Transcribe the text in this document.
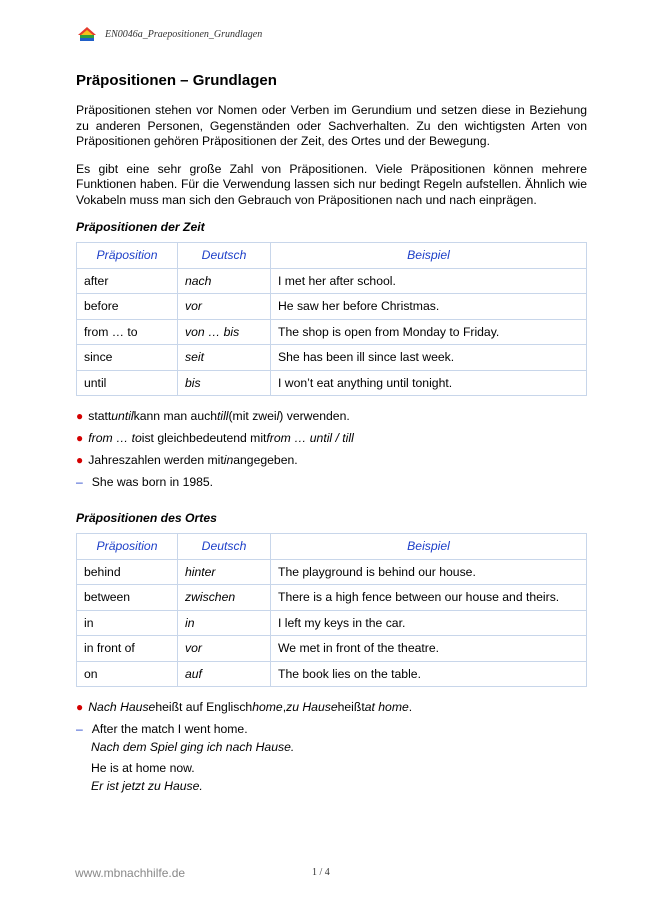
EN0046a_Praepositionen_Grundlagen
Präpositionen – Grundlagen

Präpositionen stehen vor Nomen oder Verben im Gerundium und setzen diese in Beziehung zu anderen Personen, Gegenständen oder Sachverhalten. Zu den wichtigsten Arten von Präpositionen gehören Präpositionen der Zeit, des Ortes und der Bewegung.

Es gibt eine sehr große Zahl von Präpositionen. Viele Präpositionen können mehrere Funktionen haben. Für die Verwendung lassen sich nur bedingt Regeln aufstellen. Ähnlich wie Vokabeln muss man sich den Gebrauch von Präpositionen nach und nach einprägen.

Präpositionen der Zeit
Präposition	Deutsch	Beispiel
after	nach	I met her after school.
before	vor	He saw her before Christmas.
from … to	von … bis	The shop is open from Monday to Friday.
since	seit	She has been ill since last week.
until	bis	I won’t eat anything until tonight.
● statt until kann man auch till (mit zwei l ) verwenden.
● from … to ist gleichbedeutend mit from … until / till
● Jahreszahlen werden mit in angegeben.
– She was born in 1985.
Präpositionen des Ortes
Präposition	Deutsch	Beispiel
behind	hinter	The playground is behind our house.
between	zwischen	There is a high fence between our house and theirs.
in	in	I left my keys in the car.
in front of	vor	We met in front of the theatre.
on	auf	The book lies on the table.
● Nach Hause heißt auf Englisch home , zu Hause heißt at home .
– After the match I went home.
Nach dem Spiel ging ich nach Hause.
He is at home now.
Er ist jetzt zu Hause.
www.mbnachhilfe.de	1 / 4
